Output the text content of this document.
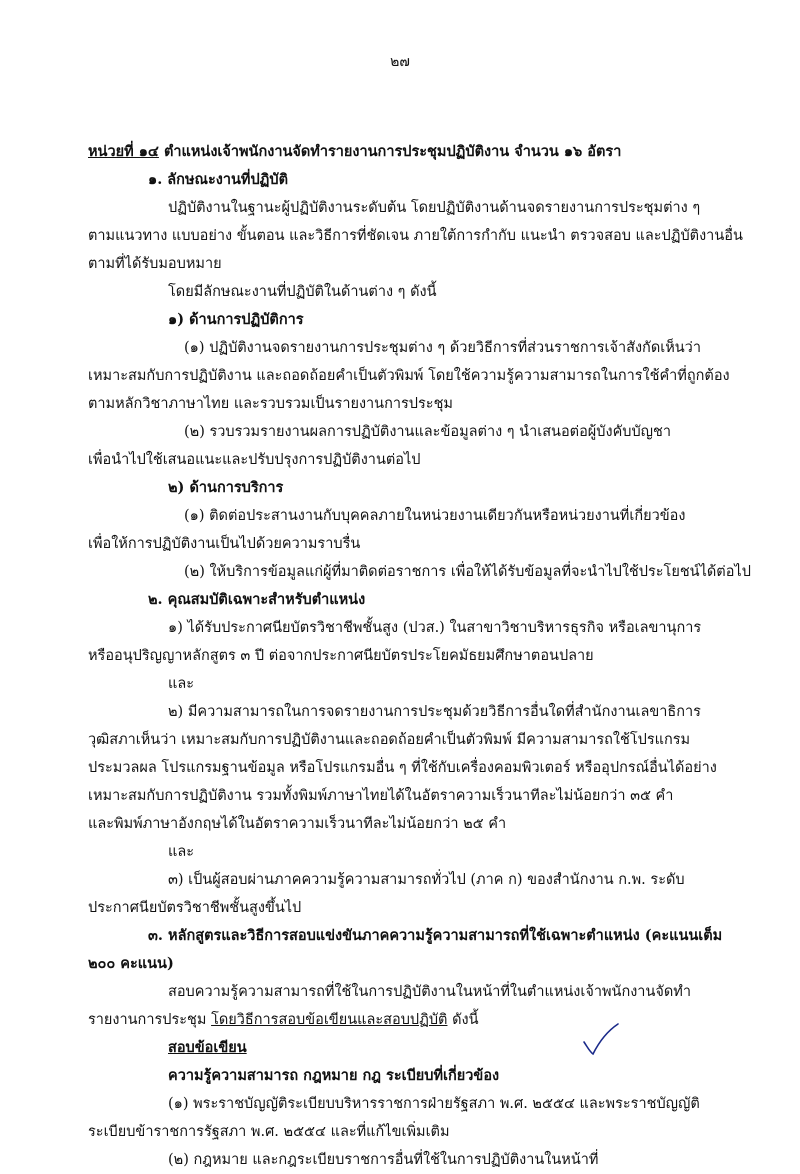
๒๗

หน่วยที่ ๑๔ ตำแหน่งเจ้าพนักงานจัดทำรายงานการประชุมปฏิบัติงาน จำนวน ๑๖ อัตรา

๑. ลักษณะงานที่ปฏิบัติ

ปฏิบัติงานในฐานะผู้ปฏิบัติงานระดับต้น โดยปฏิบัติงานด้านจดรายงานการประชุมต่าง ๆ

ตามแนวทาง แบบอย่าง ขั้นตอน และวิธีการที่ชัดเจน ภายใต้การกำกับ แนะนำ ตรวจสอบ และปฏิบัติงานอื่น

ตามที่ได้รับมอบหมาย

โดยมีลักษณะงานที่ปฏิบัติในด้านต่าง ๆ ดังนี้

๑) ด้านการปฏิบัติการ

(๑) ปฏิบัติงานจดรายงานการประชุมต่าง ๆ ด้วยวิธีการที่ส่วนราชการเจ้าสังกัดเห็นว่า

เหมาะสมกับการปฏิบัติงาน และถอดถ้อยคำเป็นตัวพิมพ์ โดยใช้ความรู้ความสามารถในการใช้คำที่ถูกต้อง

ตามหลักวิชาภาษาไทย และรวบรวมเป็นรายงานการประชุม

(๒) รวบรวมรายงานผลการปฏิบัติงานและข้อมูลต่าง ๆ นำเสนอต่อผู้บังคับบัญชา

เพื่อนำไปใช้เสนอแนะและปรับปรุงการปฏิบัติงานต่อไป

๒) ด้านการบริการ

(๑) ติดต่อประสานงานกับบุคคลภายในหน่วยงานเดียวกันหรือหน่วยงานที่เกี่ยวข้อง

เพื่อให้การปฏิบัติงานเป็นไปด้วยความราบรื่น

(๒) ให้บริการข้อมูลแก่ผู้ที่มาติดต่อราชการ เพื่อให้ได้รับข้อมูลที่จะนำไปใช้ประโยชน์ได้ต่อไป

๒. คุณสมบัติเฉพาะสำหรับตำแหน่ง

๑) ได้รับประกาศนียบัตรวิชาชีพชั้นสูง (ปวส.) ในสาขาวิชาบริหารธุรกิจ หรือเลขานุการ

หรืออนุปริญญาหลักสูตร ๓ ปี ต่อจากประกาศนียบัตรประโยคมัธยมศึกษาตอนปลาย

และ

๒) มีความสามารถในการจดรายงานการประชุมด้วยวิธีการอื่นใดที่สำนักงานเลขาธิการ

วุฒิสภาเห็นว่า เหมาะสมกับการปฏิบัติงานและถอดถ้อยคำเป็นตัวพิมพ์ มีความสามารถใช้โปรแกรม

ประมวลผล โปรแกรมฐานข้อมูล หรือโปรแกรมอื่น ๆ ที่ใช้กับเครื่องคอมพิวเตอร์ หรืออุปกรณ์อื่นได้อย่าง

เหมาะสมกับการปฏิบัติงาน รวมทั้งพิมพ์ภาษาไทยได้ในอัตราความเร็วนาทีละไม่น้อยกว่า ๓๕ คำ

และพิมพ์ภาษาอังกฤษได้ในอัตราความเร็วนาทีละไม่น้อยกว่า ๒๕ คำ

และ

๓) เป็นผู้สอบผ่านภาคความรู้ความสามารถทั่วไป (ภาค ก) ของสำนักงาน ก.พ. ระดับ

ประกาศนียบัตรวิชาชีพชั้นสูงขึ้นไป

๓. หลักสูตรและวิธีการสอบแข่งขันภาคความรู้ความสามารถที่ใช้เฉพาะตำแหน่ง (คะแนนเต็ม

๒๐๐ คะแนน)

สอบความรู้ความสามารถที่ใช้ในการปฏิบัติงานในหน้าที่ในตำแหน่งเจ้าพนักงานจัดทำ

รายงานการประชุม โดยวิธีการสอบข้อเขียนและสอบปฏิบัติ ดังนี้

สอบข้อเขียน

ความรู้ความสามารถ กฎหมาย กฎ ระเบียบที่เกี่ยวข้อง

(๑) พระราชบัญญัติระเบียบบริหารราชการฝ่ายรัฐสภา พ.ศ. ๒๕๕๔ และพระราชบัญญัติ

ระเบียบข้าราชการรัฐสภา พ.ศ. ๒๕๕๔ และที่แก้ไขเพิ่มเติม

(๒) กฎหมาย และกฎระเบียบราชการอื่นที่ใช้ในการปฏิบัติงานในหน้าที่
